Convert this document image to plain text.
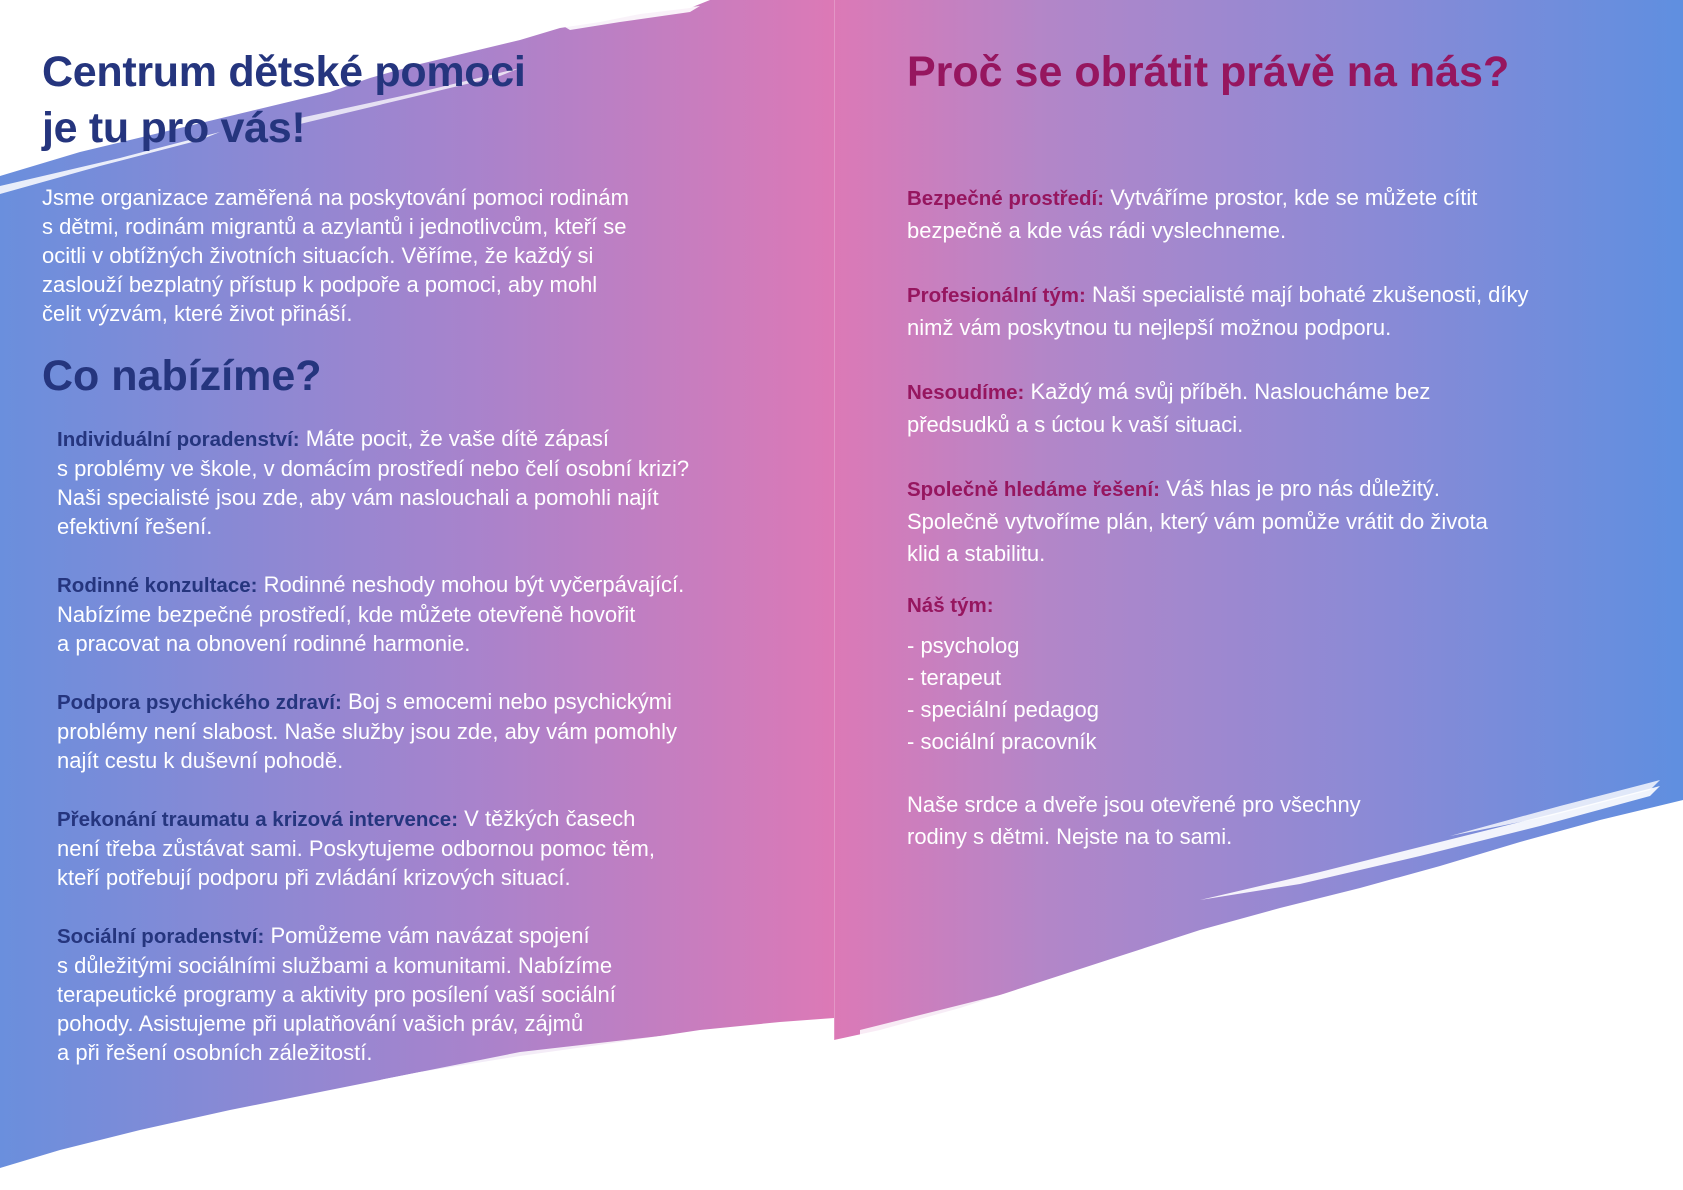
Centrum dětské pomoci
je tu pro vás!

Jsme organizace zaměřená na poskytování pomoci rodinám
s dětmi, rodinám migrantů a azylantů i jednotlivcům, kteří se
ocitli v obtížných životních situacích. Věříme, že každý si
zaslouží bezplatný přístup k podpoře a pomoci, aby mohl
čelit výzvám, které život přináší.

Co nabízíme?
Individuální poradenství: Máte pocit, že vaše dítě zápasí
s problémy ve škole, v domácím prostředí nebo čelí osobní krizi?
Naši specialisté jsou zde, aby vám naslouchali a pomohli najít
efektivní řešení.
Rodinné konzultace: Rodinné neshody mohou být vyčerpávající.
Nabízíme bezpečné prostředí, kde můžete otevřeně hovořit
a pracovat na obnovení rodinné harmonie.
Podpora psychického zdraví: Boj s emocemi nebo psychickými
problémy není slabost. Naše služby jsou zde, aby vám pomohly
najít cestu k duševní pohodě.
Překonání traumatu a krizová intervence: V těžkých časech
není třeba zůstávat sami. Poskytujeme odbornou pomoc těm,
kteří potřebují podporu při zvládání krizových situací.
Sociální poradenství: Pomůžeme vám navázat spojení
s důležitými sociálními službami a komunitami. Nabízíme
terapeutické programy a aktivity pro posílení vaší sociální
pohody. Asistujeme při uplatňování vašich práv, zájmů
a při řešení osobních záležitostí.
Proč se obrátit právě na nás?
Bezpečné prostředí: Vytváříme prostor, kde se můžete cítit
bezpečně a kde vás rádi vyslechneme.
Profesionální tým: Naši specialisté mají bohaté zkušenosti, díky
nimž vám poskytnou tu nejlepší možnou podporu.
Nesoudíme: Každý má svůj příběh. Nasloucháme bez
předsudků a s úctou k vaší situaci.
Společně hledáme řešení: Váš hlas je pro nás důležitý.
Společně vytvoříme plán, který vám pomůže vrátit do života
klid a stabilitu.
Náš tým:
- psycholog
- terapeut
- speciální pedagog
- sociální pracovník
Naše srdce a dveře jsou otevřené pro všechny
rodiny s dětmi. Nejste na to sami.
